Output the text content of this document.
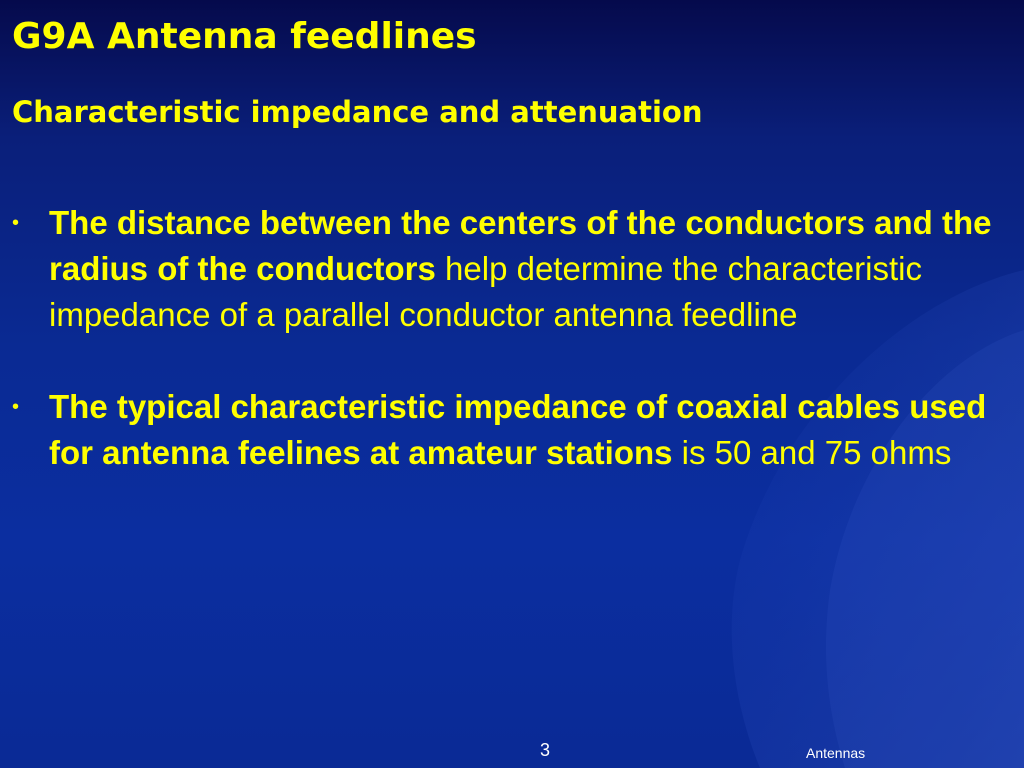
G9A Antenna feedlines
Characteristic impedance and attenuation
• The distance between the centers of the conductors and the radius of the conductors help determine the characteristic impedance of a parallel conductor antenna feedline
• The typical characteristic impedance of coaxial cables used for antenna feelines at amateur stations is 50 and 75 ohms
3	Antennas
